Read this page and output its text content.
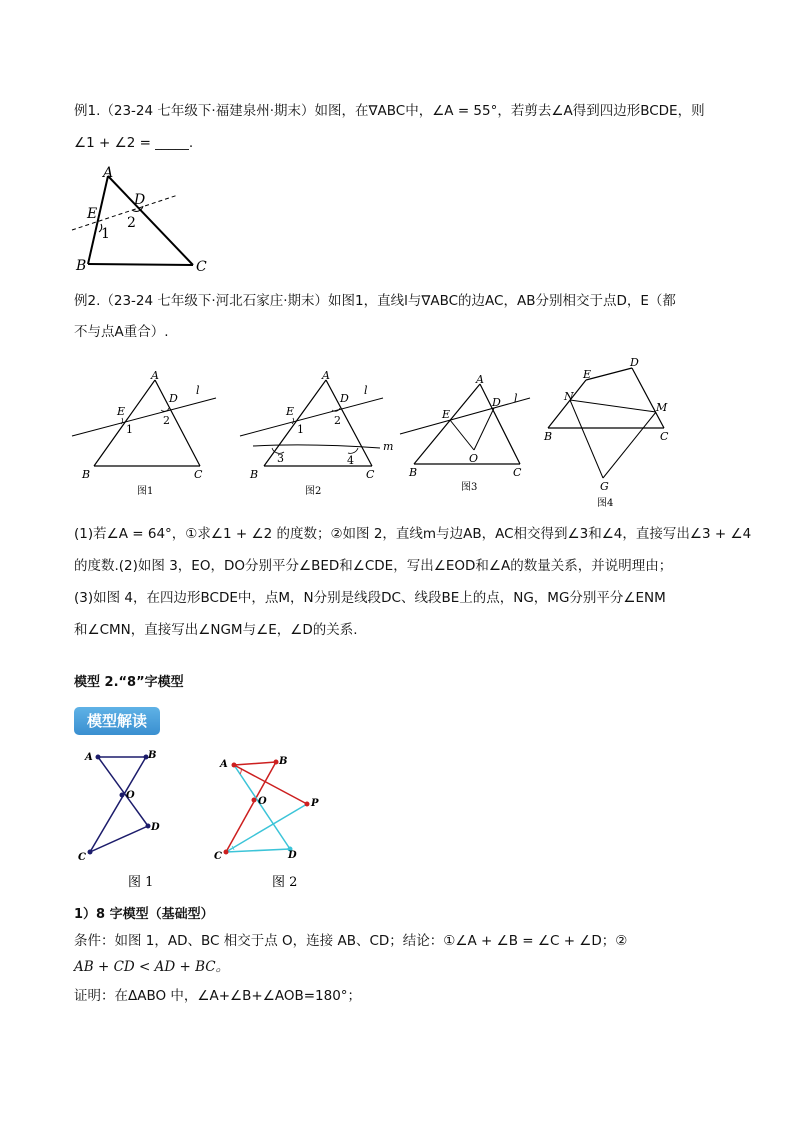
例1.（23-24 七年级下·福建泉州·期末）如图，在∇ABC中，∠A = 55°，若剪去∠A得到四边形BCDE，则
∠1 + ∠2 = _____.
A
D
E
2
1
B	C
例2.（23-24 七年级下·河北石家庄·期末）如图1，直线l与∇ABC的边AC，AB分别相交于点D，E（都
不与点A重合）.
A
D
l
E
1
2
B	C
图1
A
D
l
E
1
2
m
3	4
B	C
图2
A
D l
E
O
B	C
图3
D
E
N
M
B	C
G
图4
(1)若∠A = 64°，①求∠1 + ∠2 的度数；②如图 2，直线m与边AB，AC相交得到∠3和∠4，直接写出∠3 + ∠4
的度数.(2)如图 3，EO，DO分别平分∠BED和∠CDE，写出∠EOD和∠A的数量关系，并说明理由；
(3)如图 4，在四边形BCDE中，点M，N分别是线段DC、线段BE上的点，NG，MG分别平分∠ENM
和∠CMN，直接写出∠NGM与∠E，∠D的关系.
模型 2.“8”字模型
模型解读
A	B
O
D
C
图 1
A	B
O	P
C	D
图 2
1）8 字模型（基础型）
条件：如图 1，AD、BC 相交于点 O，连接 AB、CD；结论：①∠A + ∠B = ∠C + ∠D；②
AB + CD < AD + BC。
证明：在ΔABO 中，∠A+∠B+∠AOB=180°；
